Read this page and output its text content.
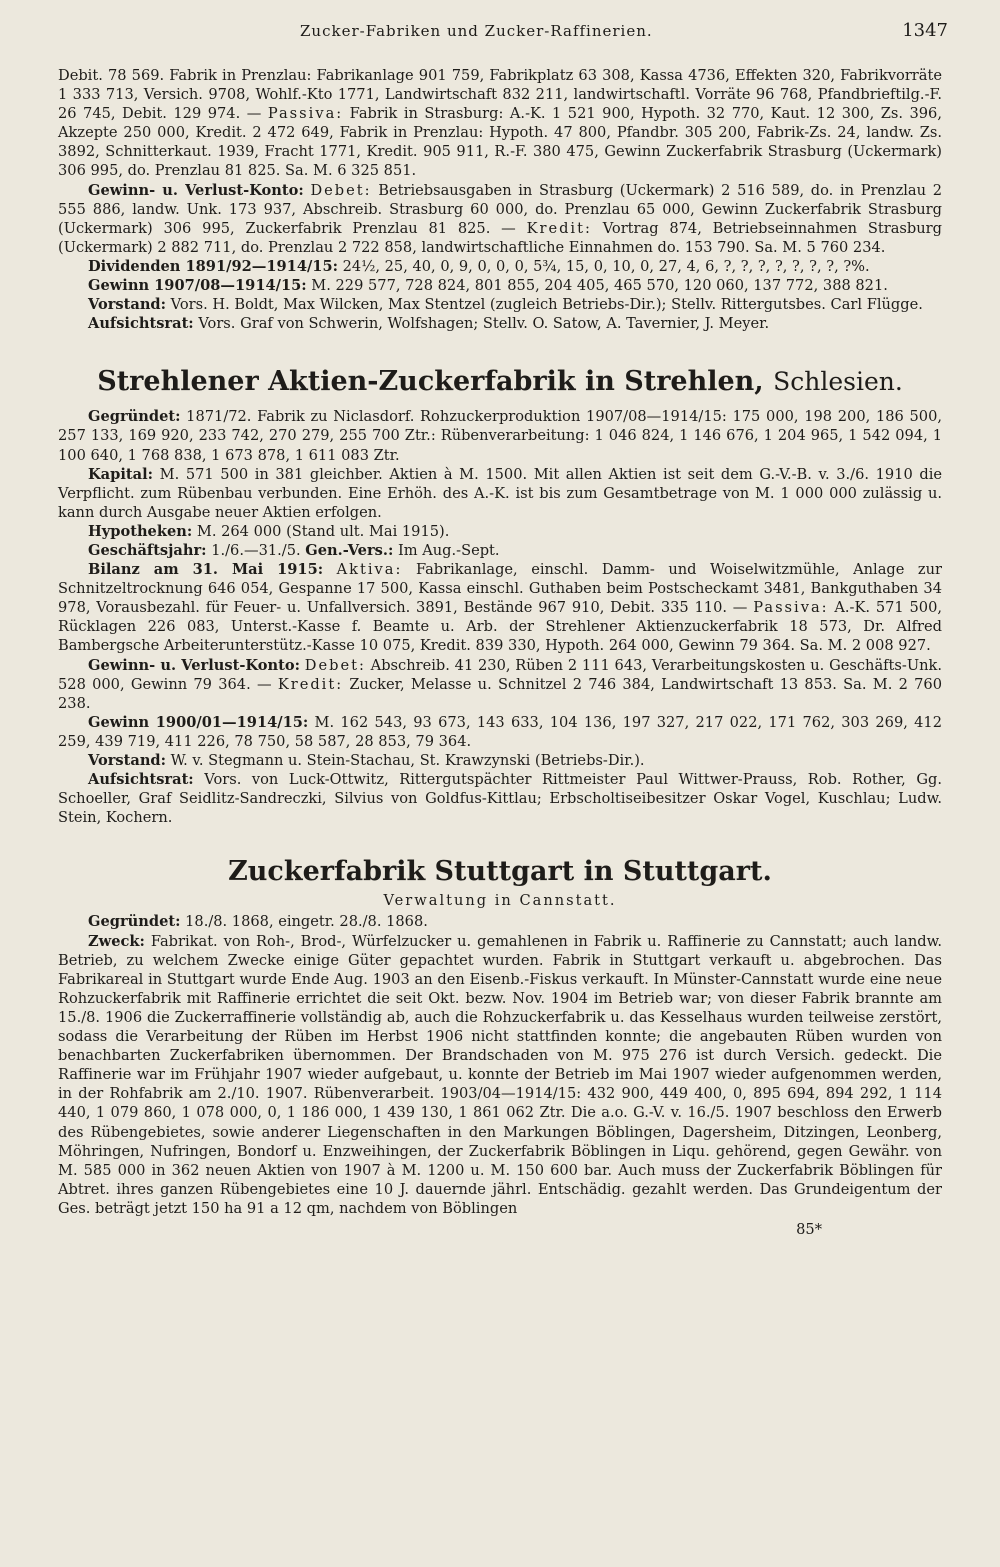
Zucker-Fabriken und Zucker-Raffinerien.	1347

Debit. 78 569. Fabrik in Prenzlau: Fabrikanlage 901 759, Fabrikplatz 63 308, Kassa 4736, Effekten 320, Fabrikvorräte 1 333 713, Versich. 9708, Wohlf.-Kto 1771, Landwirtschaft 832 211, landwirtschaftl. Vorräte 96 768, Pfandbrieftilg.-F. 26 745, Debit. 129 974. — Passiva: Fabrik in Strasburg: A.-K. 1 521 900, Hypoth. 32 770, Kaut. 12 300, Zs. 396, Akzepte 250 000, Kredit. 2 472 649, Fabrik in Prenzlau: Hypoth. 47 800, Pfandbr. 305 200, Fabrik-Zs. 24, landw. Zs. 3892, Schnitterkaut. 1939, Fracht 1771, Kredit. 905 911, R.-F. 380 475, Gewinn Zuckerfabrik Strasburg (Uckermark) 306 995, do. Prenzlau 81 825. Sa. M. 6 325 851.

Gewinn- u. Verlust-Konto: Debet: Betriebsausgaben in Strasburg (Uckermark) 2 516 589, do. in Prenzlau 2 555 886, landw. Unk. 173 937, Abschreib. Strasburg 60 000, do. Prenzlau 65 000, Gewinn Zuckerfabrik Strasburg (Uckermark) 306 995, Zuckerfabrik Prenzlau 81 825. — Kredit: Vortrag 874, Betriebseinnahmen Strasburg (Uckermark) 2 882 711, do. Prenzlau 2 722 858, landwirtschaftliche Einnahmen do. 153 790. Sa. M. 5 760 234.

Dividenden 1891/92—1914/15: 24½, 25, 40, 0, 9, 0, 0, 0, 5¾, 15, 0, 10, 0, 27, 4, 6, ?, ?, ?, ?, ?, ?, ?, ?%.

Gewinn 1907/08—1914/15: M. 229 577, 728 824, 801 855, 204 405, 465 570, 120 060, 137 772, 388 821.

Vorstand: Vors. H. Boldt, Max Wilcken, Max Stentzel (zugleich Betriebs-Dir.); Stellv. Rittergutsbes. Carl Flügge.

Aufsichtsrat: Vors. Graf von Schwerin, Wolfshagen; Stellv. O. Satow, A. Tavernier, J. Meyer.

Strehlener Aktien-Zuckerfabrik in Strehlen, Schlesien.

Gegründet: 1871/72. Fabrik zu Niclasdorf. Rohzuckerproduktion 1907/08—1914/15: 175 000, 198 200, 186 500, 257 133, 169 920, 233 742, 270 279, 255 700 Ztr.: Rübenverarbeitung: 1 046 824, 1 146 676, 1 204 965, 1 542 094, 1 100 640, 1 768 838, 1 673 878, 1 611 083 Ztr.

Kapital: M. 571 500 in 381 gleichber. Aktien à M. 1500. Mit allen Aktien ist seit dem G.-V.-B. v. 3./6. 1910 die Verpflicht. zum Rübenbau verbunden. Eine Erhöh. des A.-K. ist bis zum Gesamtbetrage von M. 1 000 000 zulässig u. kann durch Ausgabe neuer Aktien erfolgen.

Hypotheken: M. 264 000 (Stand ult. Mai 1915).

Geschäftsjahr: 1./6.—31./5. Gen.-Vers.: Im Aug.-Sept.

Bilanz am 31. Mai 1915: Aktiva: Fabrikanlage, einschl. Damm- und Woiselwitzmühle, Anlage zur Schnitzeltrocknung 646 054, Gespanne 17 500, Kassa einschl. Guthaben beim Postscheckamt 3481, Bankguthaben 34 978, Vorausbezahl. für Feuer- u. Unfallversich. 3891, Bestände 967 910, Debit. 335 110. — Passiva: A.-K. 571 500, Rücklagen 226 083, Unterst.-Kasse f. Beamte u. Arb. der Strehlener Aktienzuckerfabrik 18 573, Dr. Alfred Bambergsche Arbeiterunterstütz.-Kasse 10 075, Kredit. 839 330, Hypoth. 264 000, Gewinn 79 364. Sa. M. 2 008 927.

Gewinn- u. Verlust-Konto: Debet: Abschreib. 41 230, Rüben 2 111 643, Verarbeitungskosten u. Geschäfts-Unk. 528 000, Gewinn 79 364. — Kredit: Zucker, Melasse u. Schnitzel 2 746 384, Landwirtschaft 13 853. Sa. M. 2 760 238.

Gewinn 1900/01—1914/15: M. 162 543, 93 673, 143 633, 104 136, 197 327, 217 022, 171 762, 303 269, 412 259, 439 719, 411 226, 78 750, 58 587, 28 853, 79 364.

Vorstand: W. v. Stegmann u. Stein-Stachau, St. Krawzynski (Betriebs-Dir.).

Aufsichtsrat: Vors. von Luck-Ottwitz, Rittergutspächter Rittmeister Paul Wittwer-Prauss, Rob. Rother, Gg. Schoeller, Graf Seidlitz-Sandreczki, Silvius von Goldfus-Kittlau; Erbscholtiseibesitzer Oskar Vogel, Kuschlau; Ludw. Stein, Kochern.

Zuckerfabrik Stuttgart in Stuttgart.
Verwaltung in Cannstatt.

Gegründet: 18./8. 1868, eingetr. 28./8. 1868.

Zweck: Fabrikat. von Roh-, Brod-, Würfelzucker u. gemahlenen in Fabrik u. Raffinerie zu Cannstatt; auch landw. Betrieb, zu welchem Zwecke einige Güter gepachtet wurden. Fabrik in Stuttgart verkauft u. abgebrochen. Das Fabrikareal in Stuttgart wurde Ende Aug. 1903 an den Eisenb.-Fiskus verkauft. In Münster-Cannstatt wurde eine neue Rohzuckerfabrik mit Raffinerie errichtet die seit Okt. bezw. Nov. 1904 im Betrieb war; von dieser Fabrik brannte am 15./8. 1906 die Zuckerraffinerie vollständig ab, auch die Rohzuckerfabrik u. das Kesselhaus wurden teilweise zerstört, sodass die Verarbeitung der Rüben im Herbst 1906 nicht stattfinden konnte; die angebauten Rüben wurden von benachbarten Zuckerfabriken übernommen. Der Brandschaden von M. 975 276 ist durch Versich. gedeckt. Die Raffinerie war im Frühjahr 1907 wieder aufgebaut, u. konnte der Betrieb im Mai 1907 wieder aufgenommen werden, in der Rohfabrik am 2./10. 1907. Rübenverarbeit. 1903/04—1914/15: 432 900, 449 400, 0, 895 694, 894 292, 1 114 440, 1 079 860, 1 078 000, 0, 1 186 000, 1 439 130, 1 861 062 Ztr. Die a.o. G.-V. v. 16./5. 1907 beschloss den Erwerb des Rübengebietes, sowie anderer Liegenschaften in den Markungen Böblingen, Dagersheim, Ditzingen, Leonberg, Möhringen, Nufringen, Bondorf u. Enzweihingen, der Zuckerfabrik Böblingen in Liqu. gehörend, gegen Gewähr. von M. 585 000 in 362 neuen Aktien von 1907 à M. 1200 u. M. 150 600 bar. Auch muss der Zuckerfabrik Böblingen für Abtret. ihres ganzen Rübengebietes eine 10 J. dauernde jährl. Entschädig. gezahlt werden. Das Grundeigentum der Ges. beträgt jetzt 150 ha 91 a 12 qm, nachdem von Böblingen

85*
